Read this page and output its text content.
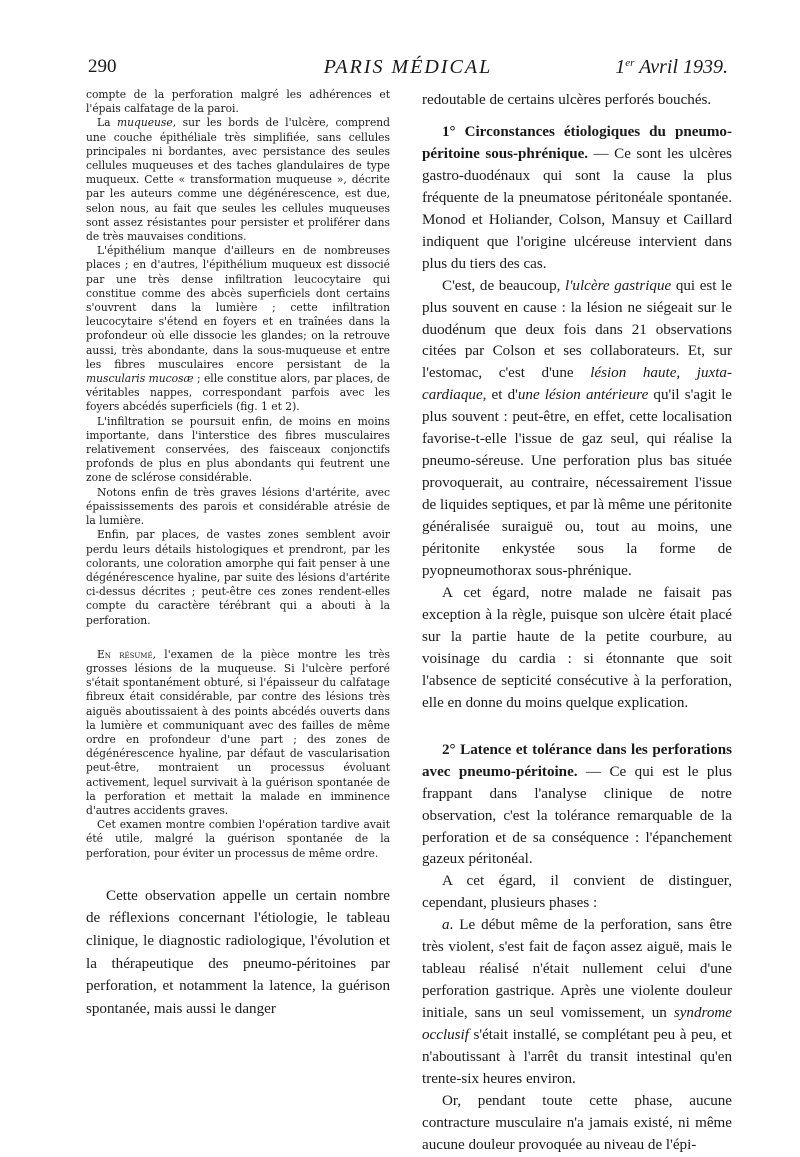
290	PARIS MÉDICAL	1er Avril 1939.

compte de la perforation malgré les adhérences et l'épais calfatage de la paroi.

La muqueuse, sur les bords de l'ulcère, comprend une couche épithéliale très simplifiée, sans cellules principales ni bordantes, avec persistance des seules cellules muqueuses et des taches glandulaires de type muqueux. Cette « transformation muqueuse », décrite par les auteurs comme une dégénérescence, est due, selon nous, au fait que seules les cellules muqueuses sont assez résistantes pour persister et proliférer dans de très mauvaises conditions.

L'épithélium manque d'ailleurs en de nombreuses places ; en d'autres, l'épithélium muqueux est dissocié par une très dense infiltration leucocytaire qui constitue comme des abcès superficiels dont certains s'ouvrent dans la lumière ; cette infiltration leucocytaire s'étend en foyers et en traînées dans la profondeur où elle dissocie les glandes; on la retrouve aussi, très abondante, dans la sous-muqueuse et entre les fibres musculaires encore persistant de la muscularis mucosæ ; elle constitue alors, par places, de véritables nappes, correspondant parfois avec les foyers abcédés superficiels (fig. 1 et 2).

L'infiltration se poursuit enfin, de moins en moins importante, dans l'interstice des fibres musculaires relativement conservées, des faisceaux conjonctifs profonds de plus en plus abondants qui feutrent une zone de sclérose considérable.

Notons enfin de très graves lésions d'artérite, avec épaississements des parois et considérable atrésie de la lumière.

Enfin, par places, de vastes zones semblent avoir perdu leurs détails histologiques et prendront, par les colorants, une coloration amorphe qui fait penser à une dégénérescence hyaline, par suite des lésions d'artérite ci-dessus décrites ; peut-être ces zones rendent-elles compte du caractère térébrant qui a abouti à la perforation.

En résumé, l'examen de la pièce montre les très grosses lésions de la muqueuse. Si l'ulcère perforé s'était spontanément obturé, si l'épaisseur du calfatage fibreux était considérable, par contre des lésions très aiguës aboutissaient à des points abcédés ouverts dans la lumière et communiquant avec des failles de même ordre en profondeur d'une part ; des zones de dégénérescence hyaline, par défaut de vascularisation peut-être, montraient un processus évoluant activement, lequel survivait à la guérison spontanée de la perforation et mettait la malade en imminence d'autres accidents graves.

Cet examen montre combien l'opération tardive avait été utile, malgré la guérison spontanée de la perforation, pour éviter un processus de même ordre.

Cette observation appelle un certain nombre de réflexions concernant l'étiologie, le tableau clinique, le diagnostic radiologique, l'évolution et la thérapeutique des pneumo-péritoines par perforation, et notamment la latence, la guérison spontanée, mais aussi le danger

redoutable de certains ulcères perforés bouchés.

1° Circonstances étiologiques du pneumo-péritoine sous-phrénique. — Ce sont les ulcères gastro-duodénaux qui sont la cause la plus fréquente de la pneumatose péritonéale spontanée. Monod et Holiander, Colson, Mansuy et Caillard indiquent que l'origine ulcéreuse intervient dans plus du tiers des cas.

C'est, de beaucoup, l'ulcère gastrique qui est le plus souvent en cause : la lésion ne siégeait sur le duodénum que deux fois dans 21 observations citées par Colson et ses collaborateurs. Et, sur l'estomac, c'est d'une lésion haute, juxta-cardiaque, et d'une lésion antérieure qu'il s'agit le plus souvent : peut-être, en effet, cette localisation favorise-t-elle l'issue de gaz seul, qui réalise la pneumo-séreuse. Une perforation plus bas située provoquerait, au contraire, nécessairement l'issue de liquides septiques, et par là même une péritonite généralisée suraiguë ou, tout au moins, une péritonite enkystée sous la forme de pyopneumothorax sous-phrénique.

A cet égard, notre malade ne faisait pas exception à la règle, puisque son ulcère était placé sur la partie haute de la petite courbure, au voisinage du cardia : si étonnante que soit l'absence de septicité consécutive à la perforation, elle en donne du moins quelque explication.

2° Latence et tolérance dans les perforations avec pneumo-péritoine. — Ce qui est le plus frappant dans l'analyse clinique de notre observation, c'est la tolérance remarquable de la perforation et de sa conséquence : l'épanchement gazeux péritonéal.

A cet égard, il convient de distinguer, cependant, plusieurs phases :

a. Le début même de la perforation, sans être très violent, s'est fait de façon assez aiguë, mais le tableau réalisé n'était nullement celui d'une perforation gastrique. Après une violente douleur initiale, sans un seul vomissement, un syndrome occlusif s'était installé, se complétant peu à peu, et n'aboutissant à l'arrêt du transit intestinal qu'en trente-six heures environ.

Or, pendant toute cette phase, aucune contracture musculaire n'a jamais existé, ni même aucune douleur provoquée au niveau de l'épi-
